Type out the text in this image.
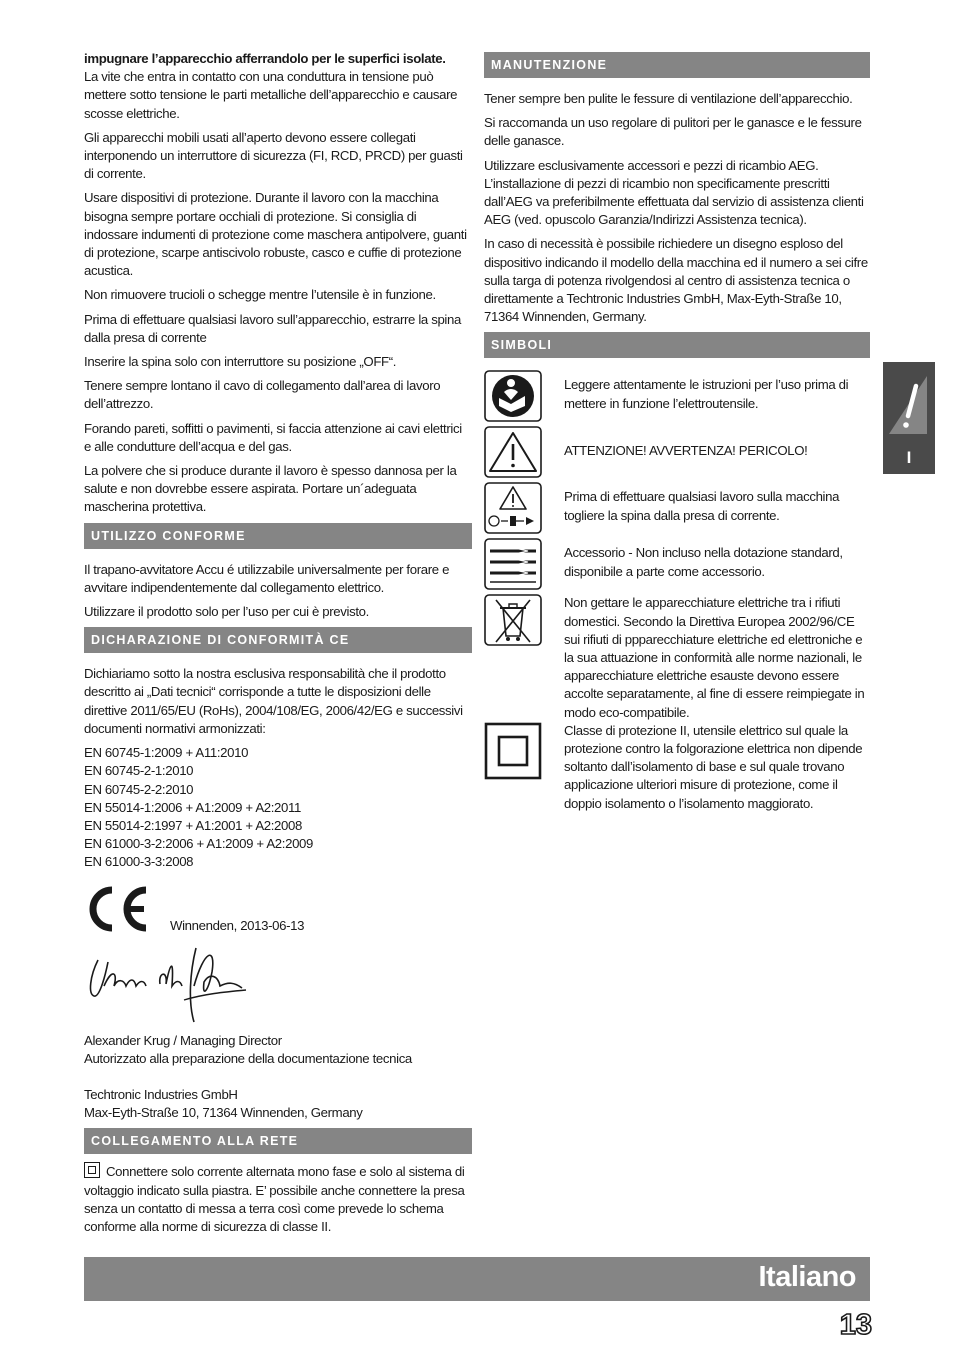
impugnare l’apparecchio afferrandolo per le superfici isolate.
La vite che entra in contatto con una conduttura in tensione può mettere sotto tensione le parti metalliche dell’apparecchio e causare scosse elettriche.

Gli apparecchi mobili usati all’aperto devono essere collegati interponendo un interruttore di sicurezza (FI, RCD, PRCD) per guasti di corrente.

Usare dispositivi di protezione. Durante il lavoro con la macchina bisogna sempre portare occhiali di protezione. Si consiglia di indossare indumenti di protezione come maschera antipolvere, guanti di protezione, scarpe antiscivolo robuste, casco e cuffie di protezione acustica.

Non rimuovere trucioli o schegge mentre l’utensile è in funzione.

Prima di effettuare qualsiasi lavoro sull’apparecchio, estrarre la spina dalla presa di corrente

Inserire la spina solo con interruttore su posizione „OFF“.

Tenere sempre lontano il cavo di collegamento dall’area di lavoro dell’attrezzo.

Forando pareti, soffitti o pavimenti, si faccia attenzione ai cavi elettrici e alle condutture dell’acqua e del gas.

La polvere che si produce durante il lavoro è spesso dannosa per la salute e non dovrebbe essere aspirata. Portare un´adeguata mascherina protettiva.

UTILIZZO CONFORME

Il trapano-avvitatore Accu é utilizzabile universalmente per forare e avvitare indipendentemente dal collegamento elettrico.

Utilizzare il prodotto solo per l’uso per cui è previsto.

DICHARAZIONE DI CONFORMITÀ CE

Dichiariamo sotto la nostra esclusiva responsabilità che il prodotto descritto ai „Dati tecnici“ corrisponde a tutte le disposizioni delle direttive 2011/65/EU (RoHs), 2004/108/EG, 2006/42/EG e successivi documenti normativi armonizzati:

EN 60745-1:2009 + A11:2010
EN 60745-2-1:2010
EN 60745-2-2:2010
EN 55014-1:2006 + A1:2009 + A2:2011
EN 55014-2:1997 + A1:2001 + A2:2008
EN 61000-3-2:2006 + A1:2009 + A2:2009
EN 61000-3-3:2008
Winnenden, 2013-06-13
Alexander Krug / Managing Director
Autorizzato alla preparazione della documentazione tecnica
Techtronic Industries GmbH
Max-Eyth-Straße 10, 71364 Winnenden, Germany
COLLEGAMENTO ALLA RETE

Connettere solo corrente alternata mono fase e solo al sistema di voltaggio indicato sulla piastra. E’ possibile anche connettere la presa senza un contatto di messa a terra così come prevede lo schema conforme alla norme di sicurezza di classe II.

MANUTENZIONE

Tener sempre ben pulite le fessure di ventilazione dell’apparecchio.

Si raccomanda un uso regolare di pulitori per le ganasce e le fessure delle ganasce.

Utilizzare esclusivamente accessori e pezzi di ricambio AEG. L’installazione di pezzi di ricambio non specificamente prescritti dall’AEG va preferibilmente effettuata dal servizio di assistenza clienti AEG (ved. opuscolo Garanzia/Indirizzi Assistenza tecnica).

In caso di necessità è possibile richiedere un disegno esploso del dispositivo indicando il modello della macchina ed il numero a sei cifre sulla targa di potenza rivolgendosi al centro di assistenza tecnica o direttamente a Techtronic Industries GmbH, Max-Eyth-Straße 10, 71364 Winnenden, Germany.

SIMBOLI
Leggere attentamente le istruzioni per l’uso prima di mettere in funzione l’elettroutensile.
ATTENZIONE! AVVERTENZA! PERICOLO!
Prima di effettuare qualsiasi lavoro sulla macchina togliere la spina dalla presa di corrente.
Accessorio - Non incluso nella dotazione standard, disponibile a parte come accessorio.
Non gettare le apparecchiature elettriche tra i rifiuti domestici. Secondo la Direttiva Europea 2002/96/CE sui rifiuti di ppparecchiature elettriche ed elettroniche e la sua attuazione in conformità alle norme nazionali, le apparecchiature elettriche esauste devono essere accolte separatamente, al fine di essere reimpiegate in modo eco-compatibile.
Classe di protezione II, utensile elettrico sul quale la protezione contro la folgorazione elettrica non dipende soltanto dall’isolamento di base e sul quale trovano applicazione ulteriori misure di protezione, come il doppio isolamento o l’isolamento maggiorato.
I
Italiano
13
